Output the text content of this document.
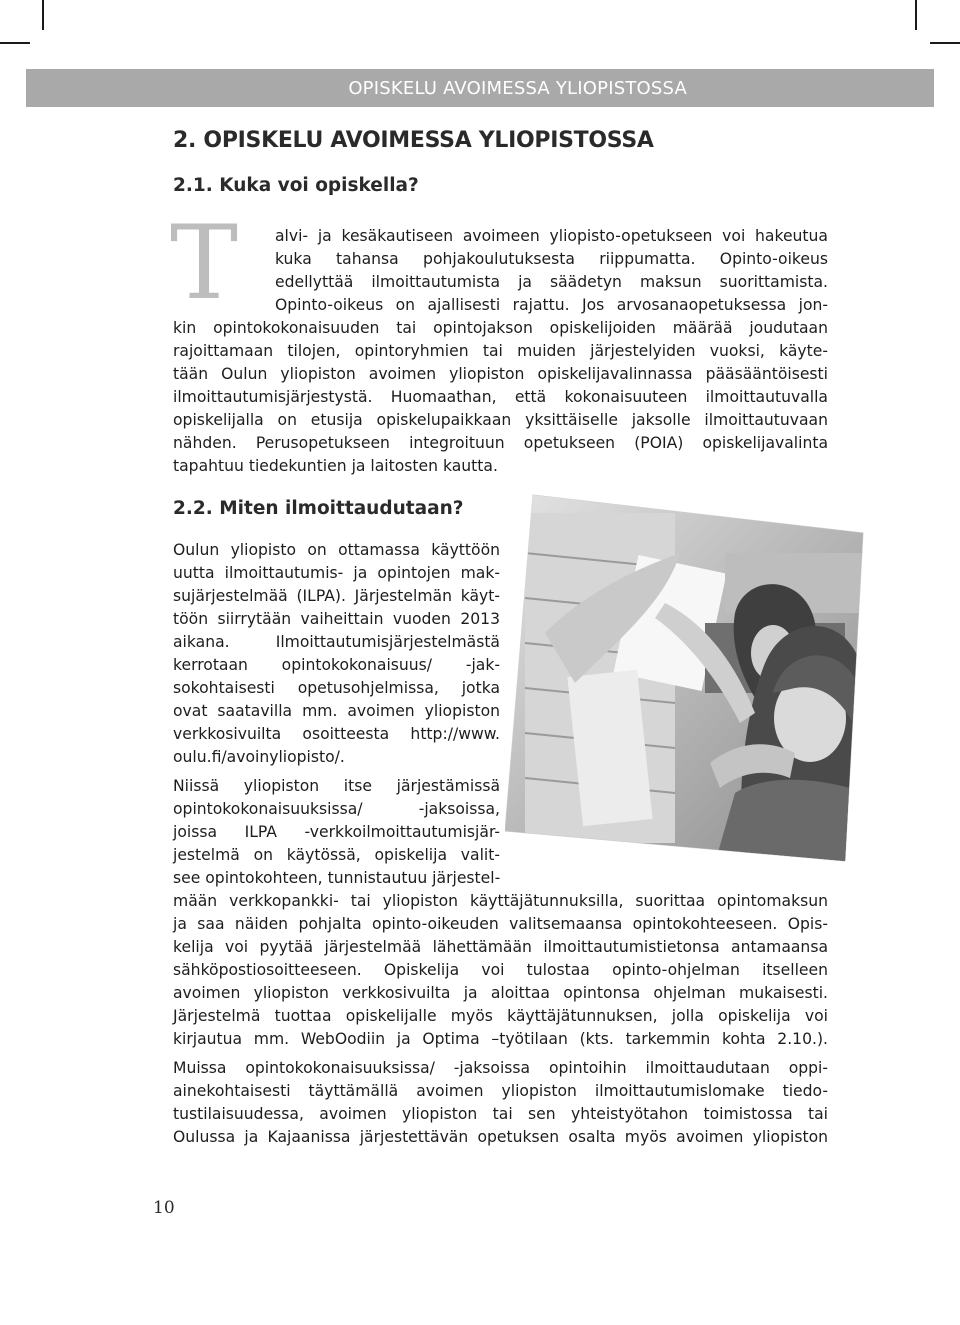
OPISKELU AVOIMESSA YLIOPISTOSSA
2. OPISKELU AVOIMESSA YLIOPISTOSSA
2.1. Kuka voi opiskella?
T alvi- ja kesäkautiseen avoimeen yliopisto-opetukseen voi hakeutua
kuka tahansa pohjakoulutuksesta riippumatta. Opinto-oikeus
edellyttää ilmoittautumista ja säädetyn maksun suorittamista.
Opinto-oikeus on ajallisesti rajattu. Jos arvosanaopetuksessa jon-
kin opintokokonaisuuden tai opintojakson opiskelijoiden määrää joudutaan
rajoittamaan tilojen, opintoryhmien tai muiden järjestelyiden vuoksi, käyte-
tään Oulun yliopiston avoimen yliopiston opiskelijavalinnassa pääsääntöisesti
ilmoittautumisjärjestystä. Huomaathan, että kokonaisuuteen ilmoittautuvalla
opiskelijalla on etusija opiskelupaikkaan yksittäiselle jaksolle ilmoittautuvaan
nähden. Perusopetukseen integroituun opetukseen (POIA) opiskelijavalinta
tapahtuu tiedekuntien ja laitosten kautta.
2.2. Miten ilmoittaudutaan?
Oulun yliopisto on ottamassa käyttöön
uutta ilmoittautumis- ja opintojen mak-
sujärjestelmää (ILPA). Järjestelmän käyt-
töön siirrytään vaiheittain vuoden 2013
aikana. Ilmoittautumisjärjestelmästä
kerrotaan opintokokonaisuus/ -jak-
sokohtaisesti opetusohjelmissa, jotka
ovat saatavilla mm. avoimen yliopiston
verkkosivuilta osoitteesta http://www.
oulu.fi/avoinyliopisto/.
Niissä yliopiston itse järjestämissä
opintokokonaisuuksissa/ -jaksoissa,
joissa ILPA -verkkoilmoittautumisjär-
jestelmä on käytössä, opiskelija valit-
see opintokohteen, tunnistautuu järjestel-
mään verkkopankki- tai yliopiston käyttäjätunnuksilla, suorittaa opintomaksun
ja saa näiden pohjalta opinto-oikeuden valitsemaansa opintokohteeseen. Opis-
kelija voi pyytää järjestelmää lähettämään ilmoittautumistietonsa antamaansa
sähköpostiosoitteeseen. Opiskelija voi tulostaa opinto-ohjelman itselleen
avoimen yliopiston verkkosivuilta ja aloittaa opintonsa ohjelman mukaisesti.
Järjestelmä tuottaa opiskelijalle myös käyttäjätunnuksen, jolla opiskelija voi
kirjautua mm. WebOodiin ja Optima –työtilaan (kts. tarkemmin kohta 2.10.).
Muissa opintokokonaisuuksissa/ -jaksoissa opintoihin ilmoittaudutaan oppi-
ainekohtaisesti täyttämällä avoimen yliopiston ilmoittautumislomake tiedo-
tustilaisuudessa, avoimen yliopiston tai sen yhteistyötahon toimistossa tai
Oulussa ja Kajaanissa järjestettävän opetuksen osalta myös avoimen yliopiston
10
